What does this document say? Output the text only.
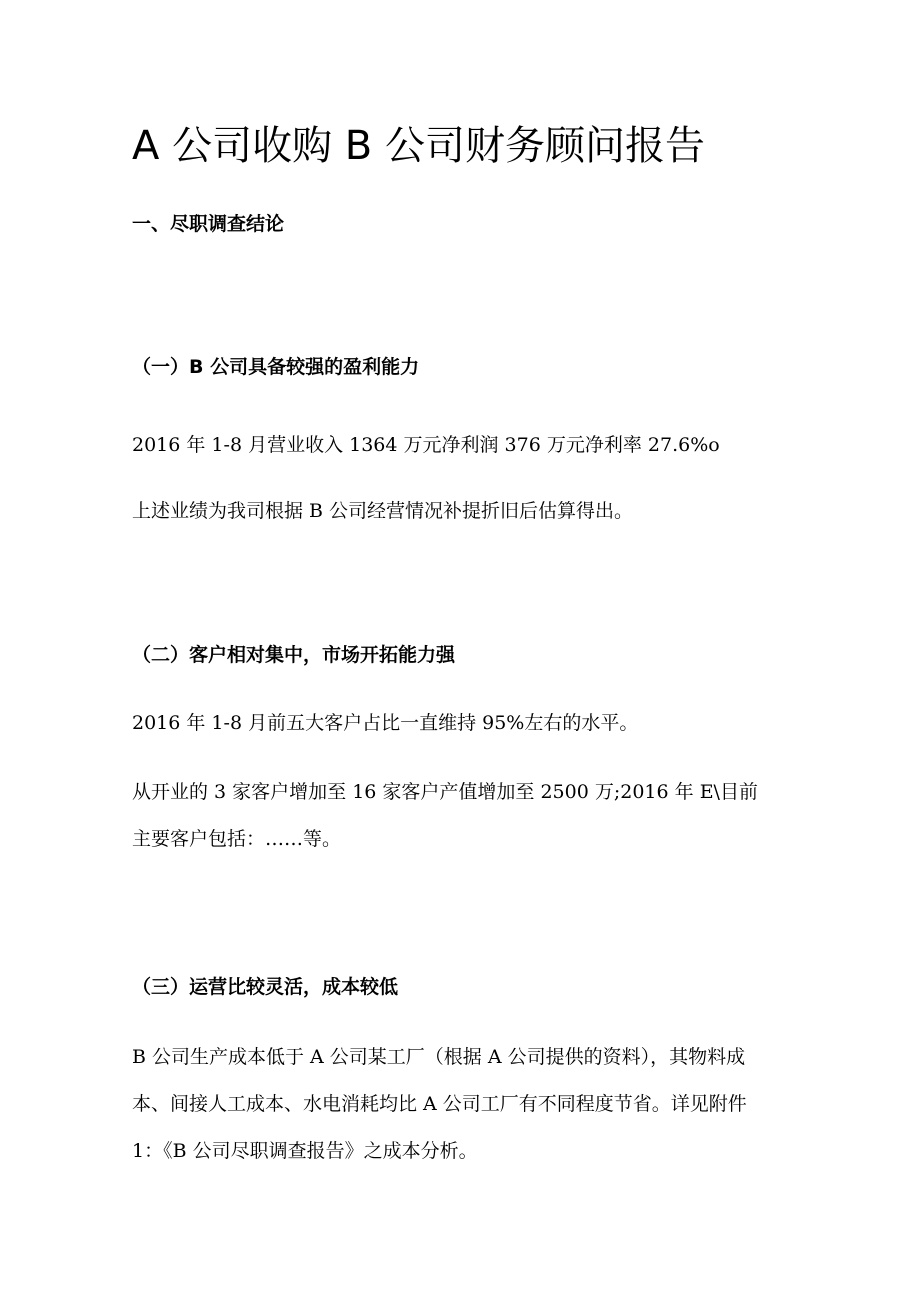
A 公司收购 B 公司财务顾问报告
一、尽职调查结论
（一）B 公司具备较强的盈利能力

2016 年 1-8 月营业收入 1364 万元净利润 376 万元净利率 27.6%o

上述业绩为我司根据 B 公司经营情况补提折旧后估算得出。

（二）客户相对集中，市场开拓能力强

2016 年 1-8 月前五大客户占比一直维持 95%左右的水平。

从开业的 3 家客户增加至 16 家客户产值增加至 2500 万;2016 年 E\目前
主要客户包括：……等。
（三）运营比较灵活，成本较低
B 公司生产成本低于 A 公司某工厂（根据 A 公司提供的资料），其物料成
本、间接人工成本、水电消耗均比 A 公司工厂有不同程度节省。详见附件
1：《B 公司尽职调查报告》之成本分析。
